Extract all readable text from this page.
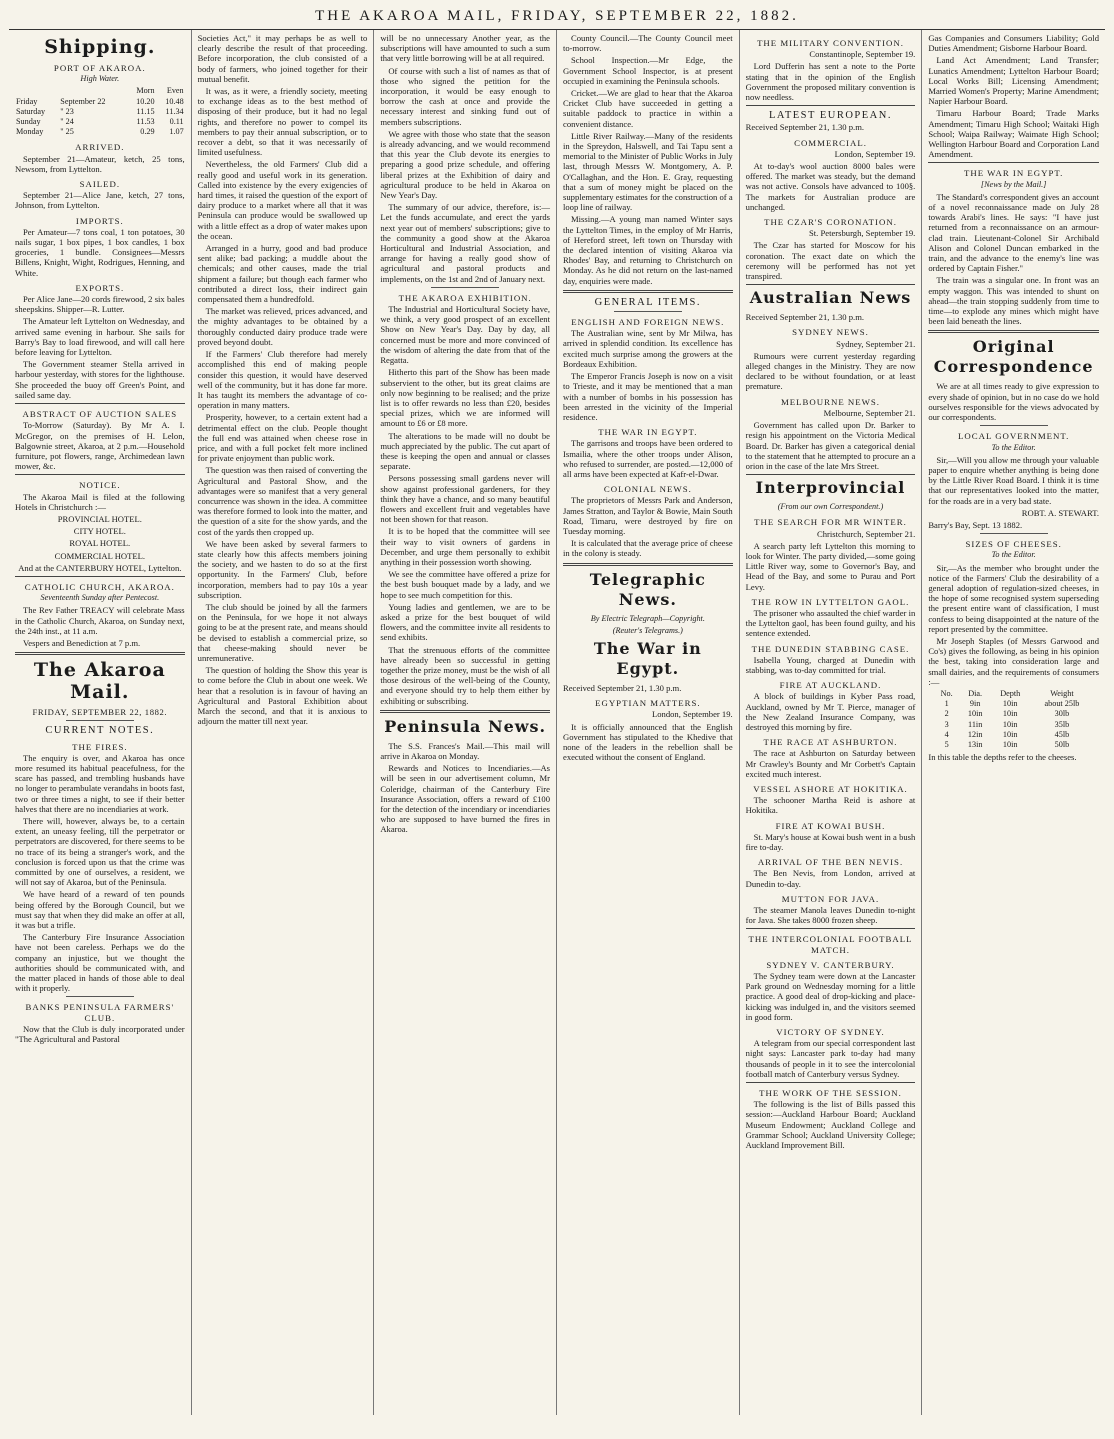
THE AKAROA MAIL, FRIDAY, SEPTEMBER 22, 1882.
Shipping.
PORT OF AKAROA.
High Water.
		Morn	Even
Friday	September 22	10.20	10.48
Saturday	" 23	11.15	11.34
Sunday	" 24	11.53	0.11
Monday	" 25	0.29	1.07
ARRIVED.

September 21—Amateur, ketch, 25 tons, Newsom, from Lyttelton.

SAILED.

September 21—Alice Jane, ketch, 27 tons, Johnson, from Lyttelton.

IMPORTS.

Per Amateur—7 tons coal, 1 ton potatoes, 30 nails sugar, 1 box pipes, 1 box candles, 1 box groceries, 1 bundle. Consignees—Messrs Billens, Knight, Wight, Rodrigues, Henning, and White.

EXPORTS.

Per Alice Jane—20 cords firewood, 2 six bales sheepskins. Shipper—R. Lutter.

The Amateur left Lyttelton on Wednesday, and arrived same evening in harbour. She sails for Barry's Bay to load firewood, and will call here before leaving for Lyttelton.

The Government steamer Stella arrived in harbour yesterday, with stores for the lighthouse. She proceeded the buoy off Green's Point, and sailed same day.

ABSTRACT OF AUCTION SALES

To-Morrow (Saturday). By Mr A. I. McGregor, on the premises of H. Lelon, Balgownie street, Akaroa, at 2 p.m.—Household furniture, pot flowers, range, Archimedean lawn mower, &c.

NOTICE.

The Akaroa Mail is filed at the following Hotels in Christchurch :—

PROVINCIAL HOTEL.

CITY HOTEL.

ROYAL HOTEL.

COMMERCIAL HOTEL.

And at the CANTERBURY HOTEL, Lyttelton.

CATHOLIC CHURCH, AKAROA.
Seventeenth Sunday after Pentecost.

The Rev Father TREACY will celebrate Mass in the Catholic Church, Akaroa, on Sunday next, the 24th inst., at 11 a.m.

Vespers and Benediction at 7 p.m.

The Akaroa Mail.
FRIDAY, SEPTEMBER 22, 1882.
CURRENT NOTES.
THE FIRES.

The enquiry is over, and Akaroa has once more resumed its habitual peacefulness, for the scare has passed, and trembling husbands have no longer to perambulate verandahs in boots fast, two or three times a night, to see if their better halves that there are no incendiaries at work.

There will, however, always be, to a certain extent, an uneasy feeling, till the perpetrator or perpetrators are discovered, for there seems to be no trace of its being a stranger's work, and the conclusion is forced upon us that the crime was committed by one of ourselves, a resident, we will not say of Akaroa, but of the Peninsula.

We have heard of a reward of ten pounds being offered by the Borough Council, but we must say that when they did make an offer at all, it was but a trifle.

The Canterbury Fire Insurance Association have not been careless. Perhaps we do the company an injustice, but we thought the authorities should be communicated with, and the matter placed in hands of those able to deal with it properly.

BANKS PENINSULA FARMERS' CLUB.

Now that the Club is duly incorporated under "The Agricultural and Pastoral

Societies Act," it may perhaps be as well to clearly describe the result of that proceeding. Before incorporation, the club consisted of a body of farmers, who joined together for their mutual benefit.

It was, as it were, a friendly society, meeting to exchange ideas as to the best method of disposing of their produce, but it had no legal rights, and therefore no power to compel its members to pay their annual subscription, or to recover a debt, so that it was necessarily of limited usefulness.

Nevertheless, the old Farmers' Club did a really good and useful work in its generation. Called into existence by the every exigencies of hard times, it raised the question of the export of dairy produce to a market where all that it was Peninsula can produce would be swallowed up with a little effect as a drop of water makes upon the ocean.

Arranged in a hurry, good and bad produce sent alike; bad packing; a muddle about the chemicals; and other causes, made the trial shipment a failure; but though each farmer who contributed a direct loss, their indirect gain compensated them a hundredfold.

The market was relieved, prices advanced, and the mighty advantages to be obtained by a thoroughly conducted dairy produce trade were proved beyond doubt.

If the Farmers' Club therefore had merely accomplished this end of making people consider this question, it would have deserved well of the community, but it has done far more. It has taught its members the advantage of co-operation in many matters.

Prosperity, however, to a certain extent had a detrimental effect on the club. People thought the full end was attained when cheese rose in price, and with a full pocket felt more inclined for private enjoyment than public work.

The question was then raised of converting the Agricultural and Pastoral Show, and the advantages were so manifest that a very general concurrence was shown in the idea. A committee was therefore formed to look into the matter, and the question of a site for the show yards, and the cost of the yards then cropped up.

We have been asked by several farmers to state clearly how this affects members joining the society, and we hasten to do so at the first opportunity. In the Farmers' Club, before incorporation, members had to pay 10s a year subscription.

The club should be joined by all the farmers on the Peninsula, for we hope it not always going to be at the present rate, and means should be devised to establish a commercial prize, so that cheese-making should never be unremunerative.

The question of holding the Show this year is to come before the Club in about one week. We hear that a resolution is in favour of having an Agricultural and Pastoral Exhibition about March the second, and that it is anxious to adjourn the matter till next year.

will be no unnecessary Another year, as the subscriptions will have amounted to such a sum that very little borrowing will be at all required.

Of course with such a list of names as that of those who signed the petition for the incorporation, it would be easy enough to borrow the cash at once and provide the necessary interest and sinking fund out of members subscriptions.

We agree with those who state that the season is already advancing, and we would recommend that this year the Club devote its energies to preparing a good prize schedule, and offering liberal prizes at the Exhibition of dairy and agricultural produce to be held in Akaroa on New Year's Day.

The summary of our advice, therefore, is:—Let the funds accumulate, and erect the yards next year out of members' subscriptions; give to the community a good show at the Akaroa Horticultural and Industrial Association, and arrange for having a really good show of agricultural and pastoral products and implements, on the 1st and 2nd of January next.

THE AKAROA EXHIBITION.

The Industrial and Horticultural Society have, we think, a very good prospect of an excellent Show on New Year's Day. Day by day, all concerned must be more and more convinced of the wisdom of altering the date from that of the Regatta.

Hitherto this part of the Show has been made subservient to the other, but its great claims are only now beginning to be realised; and the prize list is to offer rewards no less than £20, besides special prizes, which we are informed will amount to £6 or £8 more.

The alterations to be made will no doubt be much appreciated by the public. The cut apart of these is keeping the open and annual or classes separate.

Persons possessing small gardens never will show against professional gardeners, for they think they have a chance, and so many beautiful flowers and excellent fruit and vegetables have not been shown for that reason.

It is to be hoped that the committee will see their way to visit owners of gardens in December, and urge them personally to exhibit anything in their possession worth showing.

We see the committee have offered a prize for the best bush bouquet made by a lady, and we hope to see much competition for this.

Young ladies and gentlemen, we are to be asked a prize for the best bouquet of wild flowers, and the committee invite all residents to send exhibits.

That the strenuous efforts of the committee have already been so successful in getting together the prize money, must be the wish of all those desirous of the well-being of the County, and everyone should try to help them either by exhibiting or subscribing.

Peninsula News.

The S.S. Frances's Mail.—This mail will arrive in Akaroa on Monday.

Rewards and Notices to Incendiaries.—As will be seen in our advertisement column, Mr Coleridge, chairman of the Canterbury Fire Insurance Association, offers a reward of £100 for the detection of the incendiary or incendiaries who are supposed to have burned the fires in Akaroa.

County Council.—The County Council meet to-morrow.

School Inspection.—Mr Edge, the Government School Inspector, is at present occupied in examining the Peninsula schools.

Cricket.—We are glad to hear that the Akaroa Cricket Club have succeeded in getting a suitable paddock to practice in within a convenient distance.

Little River Railway.—Many of the residents in the Spreydon, Halswell, and Tai Tapu sent a memorial to the Minister of Public Works in July last, through Messrs W. Montgomery, A. P. O'Callaghan, and the Hon. E. Gray, requesting that a sum of money might be placed on the supplementary estimates for the construction of a loop line of railway.

Missing.—A young man named Winter says the Lyttelton Times, in the employ of Mr Harris, of Hereford street, left town on Thursday with the declared intention of visiting Akaroa via Rhodes' Bay, and returning to Christchurch on Monday. As he did not return on the last-named day, enquiries were made.

GENERAL ITEMS.
ENGLISH AND FOREIGN NEWS.

The Australian wine, sent by Mr Milwa, has arrived in splendid condition. Its excellence has excited much surprise among the growers at the Bordeaux Exhibition.

The Emperor Francis Joseph is now on a visit to Trieste, and it may be mentioned that a man with a number of bombs in his possession has been arrested in the vicinity of the Imperial residence.

THE WAR IN EGYPT.

The garrisons and troops have been ordered to Ismailia, where the other troops under Alison, who refused to surrender, are posted.—12,000 of all arms have been expected at Kafr-el-Dwar.

COLONIAL NEWS.

The proprietors of Messrs Park and Anderson, James Stratton, and Taylor & Bowie, Main South Road, Timaru, were destroyed by fire on Tuesday morning.

It is calculated that the average price of cheese in the colony is steady.

Telegraphic News.
By Electric Telegraph—Copyright.
(Reuter's Telegrams.)
The War in Egypt.

Received September 21, 1.30 p.m.

EGYPTIAN MATTERS.

London, September 19.

It is officially announced that the English Government has stipulated to the Khedive that none of the leaders in the rebellion shall be executed without the consent of England.

THE MILITARY CONVENTION.

Constantinople, September 19.

Lord Dufferin has sent a note to the Porte stating that in the opinion of the English Government the proposed military convention is now needless.

LATEST EUROPEAN.

Received September 21, 1.30 p.m.

COMMERCIAL.

London, September 19.

At to-day's wool auction 8000 bales were offered. The market was steady, but the demand was not active. Consols have advanced to 100§. The markets for Australian produce are unchanged.

THE CZAR'S CORONATION.

St. Petersburgh, September 19.

The Czar has started for Moscow for his coronation. The exact date on which the ceremony will be performed has not yet transpired.

Australian News

Received September 21, 1.30 p.m.

SYDNEY NEWS.

Sydney, September 21.

Rumours were current yesterday regarding alleged changes in the Ministry. They are now declared to be without foundation, or at least premature.

MELBOURNE NEWS.

Melbourne, September 21.

Government has called upon Dr. Barker to resign his appointment on the Victoria Medical Board. Dr. Barker has given a categorical denial to the statement that he attempted to procure an a orion in the case of the late Mrs Street.

Interprovincial
(From our own Correspondent.)
THE SEARCH FOR MR WINTER.

Christchurch, September 21.

A search party left Lyttelton this morning to look for Winter. The party divided,—some going Little River way, some to Governor's Bay, and Head of the Bay, and some to Purau and Port Levy.

THE ROW IN LYTTELTON GAOL.

The prisoner who assaulted the chief warder in the Lyttelton gaol, has been found guilty, and his sentence extended.

THE DUNEDIN STABBING CASE.

Isabella Young, charged at Dunedin with stabbing, was to-day committed for trial.

FIRE AT AUCKLAND.

A block of buildings in Kyber Pass road, Auckland, owned by Mr T. Pierce, manager of the New Zealand Insurance Company, was destroyed this morning by fire.

THE RACE AT ASHBURTON.

The race at Ashburton on Saturday between Mr Crawley's Bounty and Mr Corbett's Captain excited much interest.

VESSEL ASHORE AT HOKITIKA.

The schooner Martha Reid is ashore at Hokitika.

FIRE AT KOWAI BUSH.

St. Mary's house at Kowai bush went in a bush fire to-day.

ARRIVAL OF THE BEN NEVIS.

The Ben Nevis, from London, arrived at Dunedin to-day.

MUTTON FOR JAVA.

The steamer Manola leaves Dunedin to-night for Java. She takes 8000 frozen sheep.

THE INTERCOLONIAL FOOTBALL MATCH.
SYDNEY V. CANTERBURY.

The Sydney team were down at the Lancaster Park ground on Wednesday morning for a little practice. A good deal of drop-kicking and place-kicking was indulged in, and the visitors seemed in good form.

VICTORY OF SYDNEY.

A telegram from our special correspondent last night says: Lancaster park to-day had many thousands of people in it to see the intercolonial football match of Canterbury versus Sydney.

THE WORK OF THE SESSION.

The following is the list of Bills passed this session:—Auckland Harbour Board; Auckland Museum Endowment; Auckland College and Grammar School; Auckland University College; Auckland Improvement Bill.

Gas Companies and Consumers Liability; Gold Duties Amendment; Gisborne Harbour Board.

Land Act Amendment; Land Transfer; Lunatics Amendment; Lyttelton Harbour Board; Local Works Bill; Licensing Amendment; Married Women's Property; Marine Amendment; Napier Harbour Board.

Timaru Harbour Board; Trade Marks Amendment; Timaru High School; Waitaki High School; Waipa Railway; Waimate High School; Wellington Harbour Board and Corporation Land Amendment.

THE WAR IN EGYPT.
[News by the Mail.]

The Standard's correspondent gives an account of a novel reconnaissance made on July 28 towards Arabi's lines. He says: "I have just returned from a reconnaissance on an armour-clad train. Lieutenant-Colonel Sir Archibald Alison and Colonel Duncan embarked in the train, and the advance to the enemy's line was ordered by Captain Fisher."

The train was a singular one. In front was an empty waggon. This was intended to shunt on ahead—the train stopping suddenly from time to time—to explode any mines which might have been laid beneath the lines.

Original Correspondence

We are at all times ready to give expression to every shade of opinion, but in no case do we hold ourselves responsible for the views advocated by our correspondents.

LOCAL GOVERNMENT.
To the Editor.

Sir,—Will you allow me through your valuable paper to enquire whether anything is being done by the Little River Road Board. I think it is time that our representatives looked into the matter, for the roads are in a very bad state.

ROBT. A. STEWART.

Barry's Bay, Sept. 13 1882.

SIZES OF CHEESES.
To the Editor.

Sir,—As the member who brought under the notice of the Farmers' Club the desirability of a general adoption of regulation-sized cheeses, in the hope of some recognised system superseding the present entire want of classification, I must confess to being disappointed at the nature of the report presented by the committee.

Mr Joseph Staples (of Messrs Garwood and Co's) gives the following, as being in his opinion the best, taking into consideration large and small dairies, and the requirements of consumers :—

No.	Dia.	Depth	Weight
1	9in	10in	about 25lb
2	10in	10in	30lb
3	11in	10in	35lb
4	12in	10in	45lb
5	13in	10in	50lb

In this table the depths refer to the cheeses.
